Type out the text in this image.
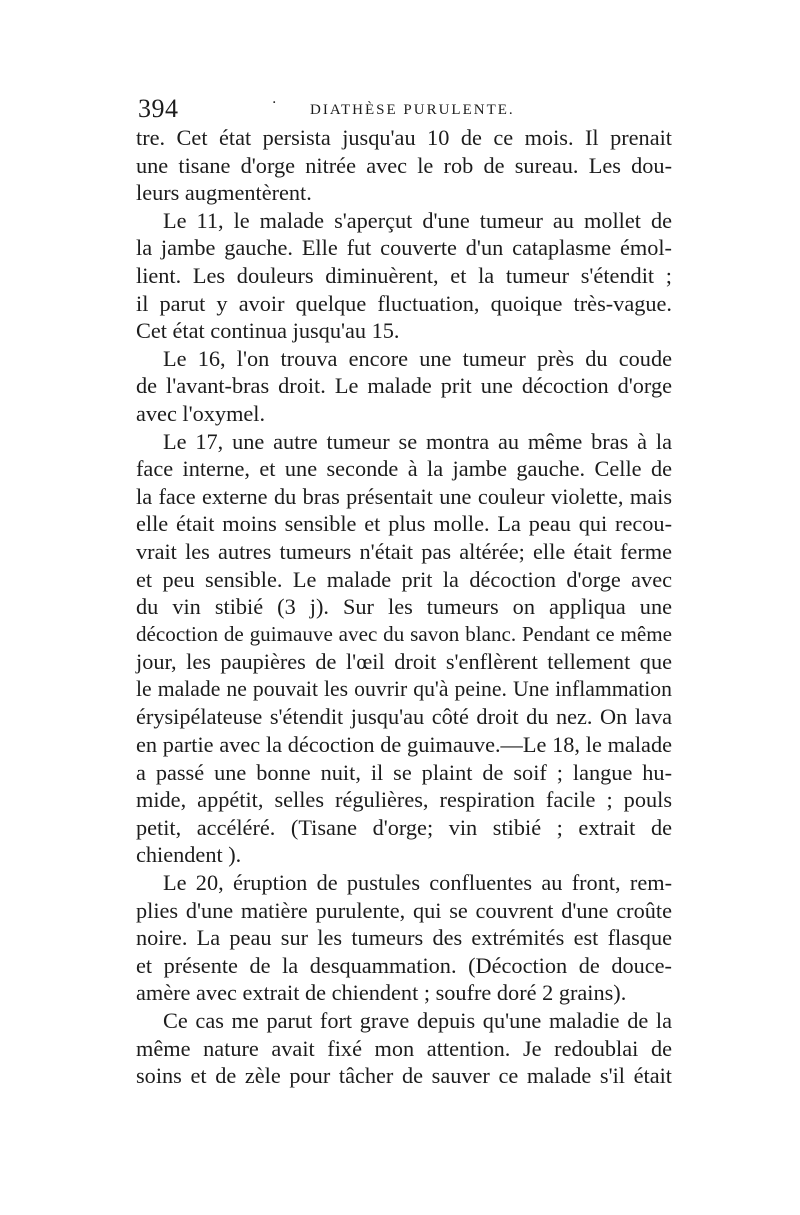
394	· DIATHÈSE PURULENTE.
tre. Cet état persista jusqu'au 10 de ce mois. Il prenait
une tisane d'orge nitrée avec le rob de sureau. Les dou-
leurs augmentèrent.
Le 11, le malade s'aperçut d'une tumeur au mollet de
la jambe gauche. Elle fut couverte d'un cataplasme émol-
lient. Les douleurs diminuèrent, et la tumeur s'étendit ;
il parut y avoir quelque fluctuation, quoique très-vague.
Cet état continua jusqu'au 15.
Le 16, l'on trouva encore une tumeur près du coude
de l'avant-bras droit. Le malade prit une décoction d'orge
avec l'oxymel.
Le 17, une autre tumeur se montra au même bras à la
face interne, et une seconde à la jambe gauche. Celle de
la face externe du bras présentait une couleur violette, mais
elle était moins sensible et plus molle. La peau qui recou-
vrait les autres tumeurs n'était pas altérée; elle était ferme
et peu sensible. Le malade prit la décoction d'orge avec
du vin stibié (3 j). Sur les tumeurs on appliqua une
décoction de guimauve avec du savon blanc. Pendant ce même
jour, les paupières de l'œil droit s'enflèrent tellement que
le malade ne pouvait les ouvrir qu'à peine. Une inflammation
érysipélateuse s'étendit jusqu'au côté droit du nez. On lava
en partie avec la décoction de guimauve.—Le 18, le malade
a passé une bonne nuit, il se plaint de soif ; langue hu-
mide, appétit, selles régulières, respiration facile ; pouls
petit, accéléré. (Tisane d'orge; vin stibié ; extrait de
chiendent ).
Le 20, éruption de pustules confluentes au front, rem-
plies d'une matière purulente, qui se couvrent d'une croûte
noire. La peau sur les tumeurs des extrémités est flasque
et présente de la desquammation. (Décoction de douce-
amère avec extrait de chiendent ; soufre doré 2 grains).
Ce cas me parut fort grave depuis qu'une maladie de la
même nature avait fixé mon attention. Je redoublai de
soins et de zèle pour tâcher de sauver ce malade s'il était
